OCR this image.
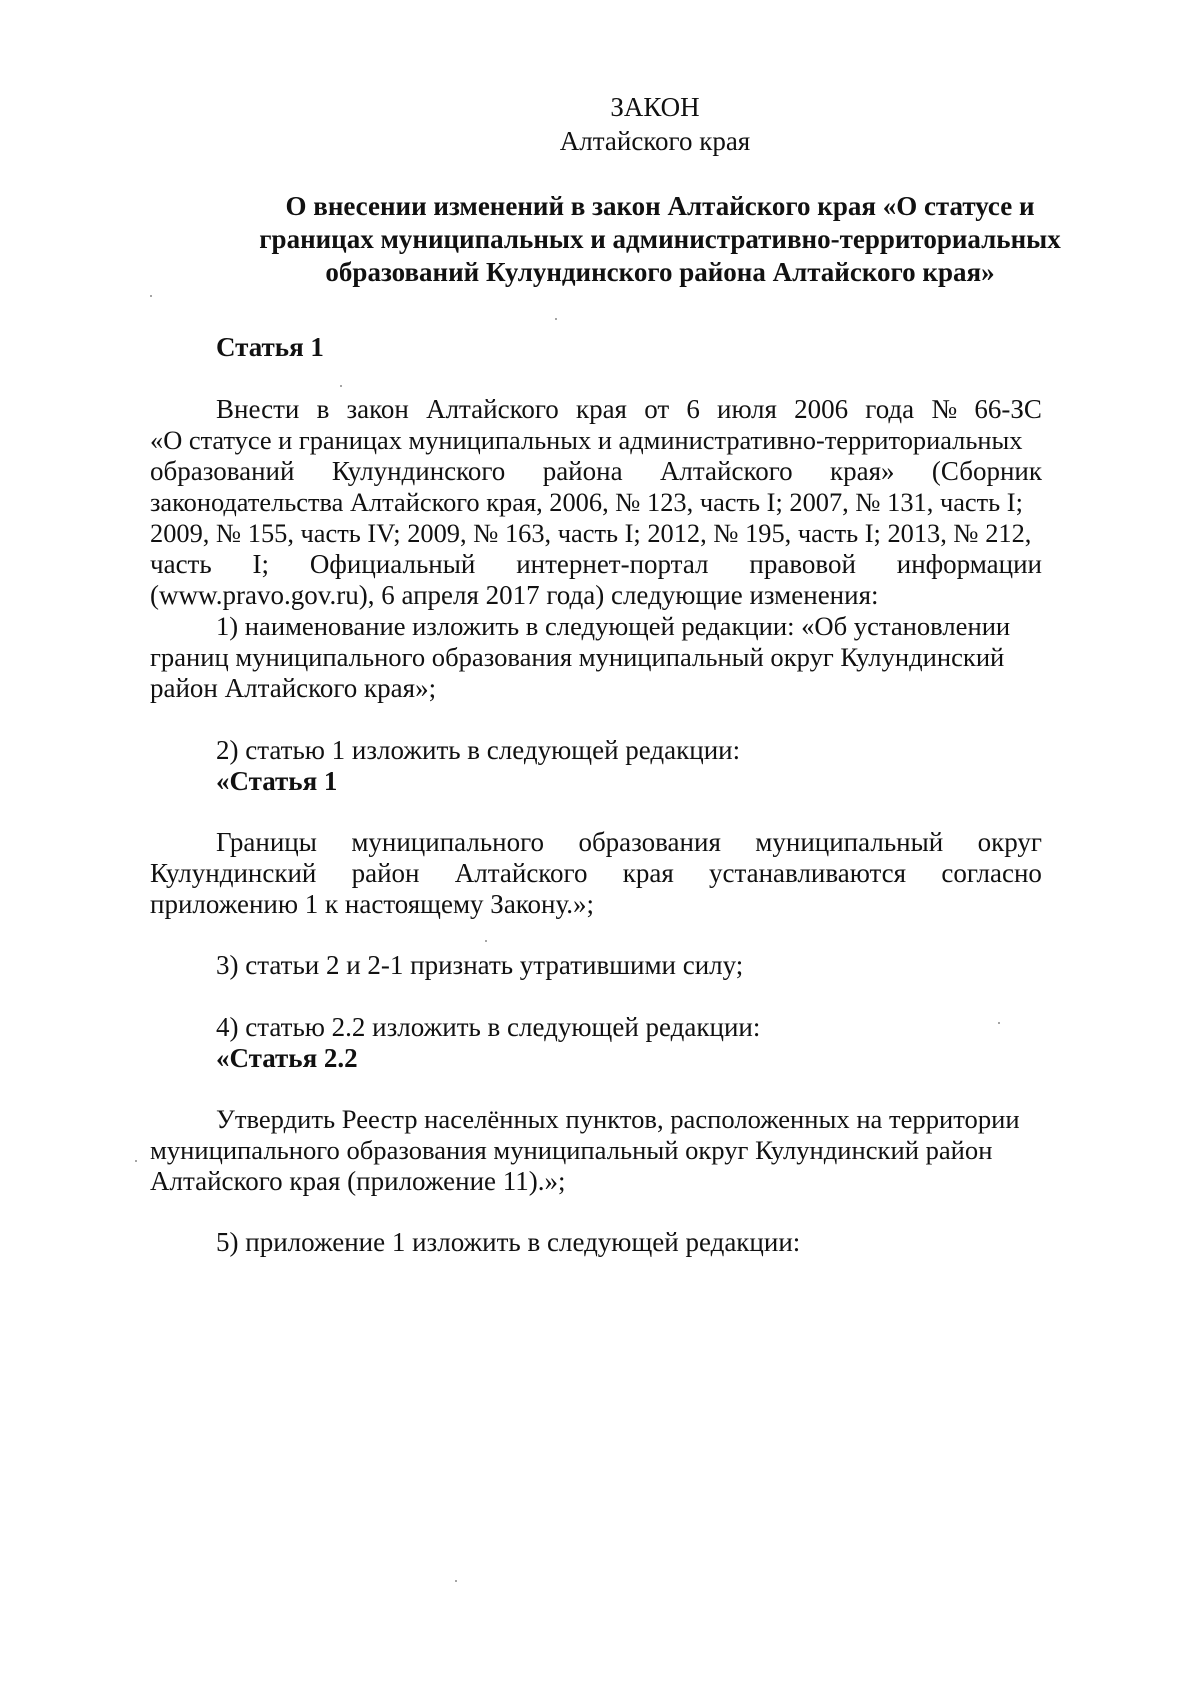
ЗАКОН
Алтайского края
О внесении изменений в закон Алтайского края «О статусе и
границах муниципальных и административно-территориальных
образований Кулундинского района Алтайского края»
Статья 1
Внести в закон Алтайского края от 6 июля 2006 года № 66-ЗС
«О статусе и границах муниципальных и административно-территориальных
образований Кулундинского района Алтайского края» (Сборник
законодательства Алтайского края, 2006, № 123, часть I; 2007, № 131, часть I;
2009, № 155, часть IV; 2009, № 163, часть I; 2012, № 195, часть I; 2013, № 212,
часть I; Официальный интернет-портал правовой информации
(www.pravo.gov.ru), 6 апреля 2017 года) следующие изменения:
1) наименование изложить в следующей редакции: «Об установлении
границ муниципального образования муниципальный округ Кулундинский
район Алтайского края»;
2) статью 1 изложить в следующей редакции:
«Статья 1
Границы муниципального образования муниципальный округ
Кулундинский район Алтайского края устанавливаются согласно
приложению 1 к настоящему Закону.»;
3) статьи 2 и 2-1 признать утратившими силу;
4) статью 2.2 изложить в следующей редакции:
«Статья 2.2
Утвердить Реестр населённых пунктов, расположенных на территории
муниципального образования муниципальный округ Кулундинский район
Алтайского края (приложение 11).»;
5) приложение 1 изложить в следующей редакции:
